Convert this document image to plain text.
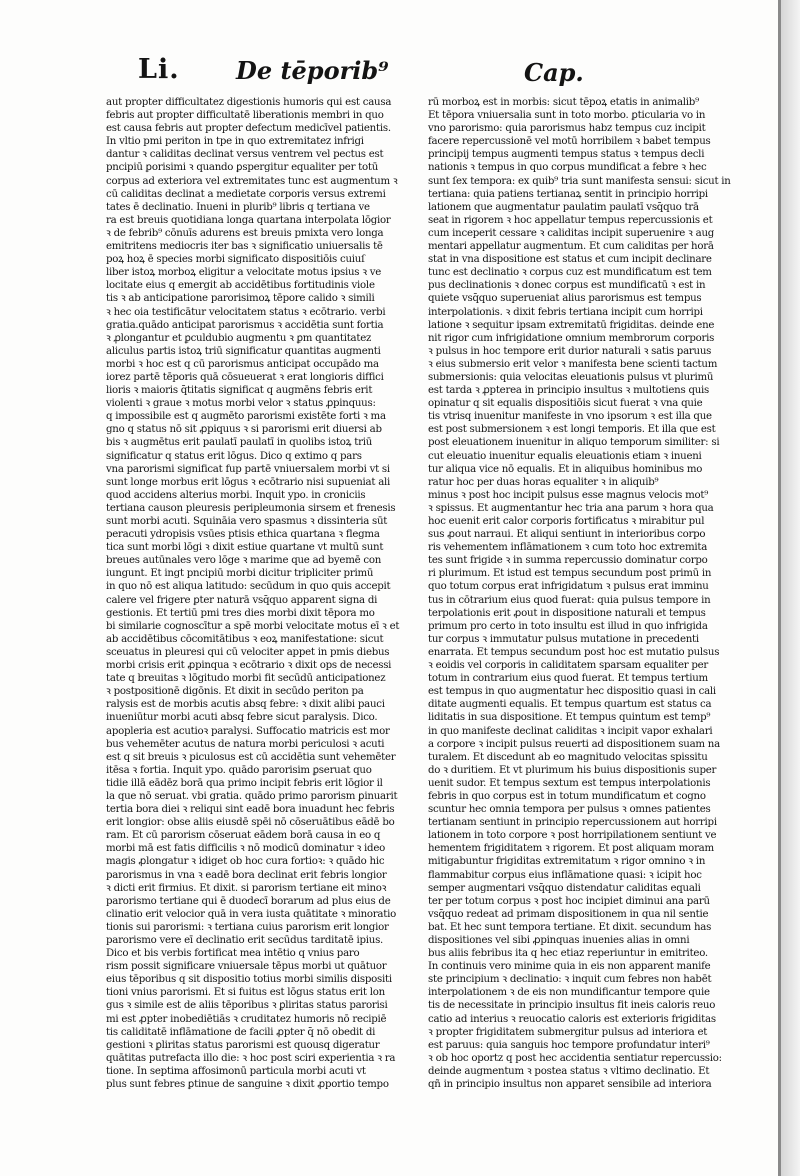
Li. De tēporib⁹	Cap.
aut propter difficultatez digestionis humoris qui est causa
febris aut propter difficultatē liberationis membri in quo
est causa febris aut propter defectum medicīvel patientis.
In vltio pmi periton in tpe in quo extremitatez infrigi
dantur ꝛ caliditas declinat versus ventrem vel pectus est
pncipiū ꝑorisimi ꝛ quando ꝑspergitur equaliter per totū
corpus ad exteriora vel extremitates tunc est augmentum ꝛ
cū caliditas declinat a medietate corporis versus extremi
tates ē declinatio. Inueni in plurib⁹ libris q tertiana ve
ra est breuis quotidiana longa quartana interpolata lōgior
ꝛ de febrib⁹ cōnuīs adurens est breuis pmixta vero longa
emitritens mediocris iter bas ꝛ significatio uniuersalis tē
poꝝ hoꝝ ē species morbi significato dispositiōis cuiuſ
liber istoꝝ morboꝝ eligitur a velocitate motus ipsius ꝛ ve
locitate eius q emergit ab accidētibus fortitudinis viole
tis ꝛ ab anticipatione parorisimoꝝ tēpore calido ꝛ simili
ꝛ hec oia testificātur velocitatem status ꝛ ecōtrario. verbi
gratia.quādo anticipat parorismus ꝛ accidētia sunt fortia
ꝛ ꝓlongantur et ꝑculdubio augmentu ꝛ ꝑm quantitatez
aliculus partis istoꝝ triū significatur quantitas augmenti
morbi ꝛ hoc est q cū parorismus anticipat occupādo ma
iorez partē tēporis quā cōsueuerat ꝛ erat longioris diffici
lioris ꝛ maioris q̄titatis significat q augmēns febris erit
violenti ꝛ graue ꝛ motus morbi velor ꝛ status ꝓpinquus:
q impossibile est q augmēto parorismi existēte forti ꝛ ma
gno q status nō sit ꝓpiquus ꝛ si parorismi erit diuersi ab
bis ꝛ augmētus erit paulatī paulatī in quolibs istoꝝ triū
significatur q status erit lōgus. Dico q extimo q pars
vna parorismi significat fup partē vniuersalem morbi vt si
sunt longe morbus erit lōgus ꝛ ecōtrario nisi supueniat ali
quod accidens alterius morbi. Inquit ypo. in croniciis
tertiana causon pleuresis peripleumonia sirsem et frenesis
sunt morbi acuti. Squināia vero spasmus ꝛ dissinteria sūt
peracuti ydropisis vsūes ptisis ethica quartana ꝛ flegma
tica sunt morbi lōgi ꝛ dixit estiue quartane vt multū sunt
breues autūnales vero lōge ꝛ marime que ad byemē con
iungunt. Et ingt pncipiū morbi dicitur tripliciter primū
in quo nō est aliqua latitudo: secūdum in quo quis accepit
calere vel frigere ꝑter naturā vsq̄quo apparent signa di
gestionis. Et tertiū pmi tres dies morbi dixit tēpora mo
bi similarie cognoscītur a spē morbi velocitate motus eī ꝛ et
ab accidētibus cōcomitātibus ꝛ eoꝝ manifestatione: sicut
sceuatus in pleuresi qui cū velociter appet in pmis diebus
morbi crisis erit ꝓpinqua ꝛ ecōtrario ꝛ dixit ops de necessi
tate q breuitas ꝛ lōgitudo morbi fit secūdū anticipationez
ꝛ postpositionē digōnis. Et dixit in secūdo periton pa
ralysis est de morbis acutis absq febre: ꝛ dixit alibi pauci
inueniūtur morbi acuti absq febre sicut paralysis. Dico.
apopleria est acutioꝛ paralysi. Suffocatio matricis est mor
bus vehemēter acutus de natura morbi periculosi ꝛ acuti
est q sit breuis ꝛ piculosus est cū accidētia sunt vehemēter
itēsa ꝛ fortia. Inquit ypo. quādo parorisim ꝑseruat quo
tidie illā eādēz borā qua primo incipit febris erit lōgior il
la que nō seruat. vbi gratia. quādo primo parorism ꝑinuarit
tertia bora diei ꝛ reliqui sint eadē bora inuadunt hec febris
erit longior: obse aliis eiusdē spēi nō cōseruātibus eādē bo
ram. Et cū parorism cōseruat eādem borā causa in eo q
morbi mā est fatis difficilis ꝛ nō modicū dominatur ꝛ ideo
magis ꝓlongatur ꝛ idiget ob hoc cura fortioꝛ: ꝛ quādo hic
parorismus in vna ꝛ eadē bora declinat erit febris longior
ꝛ dicti erit firmius. Et dixit. si parorism tertiane eit minoꝛ
parorismo tertiane qui ē duodecī borarum ad plus eius de
clinatio erit velocior quā in vera iusta quātitate ꝛ minoratio
tionis sui parorismi: ꝛ tertiana cuius parorism erit longior
parorismo vere eī declinatio erit secūdus tarditatē ipius.
Dico et bis verbis fortificat mea intētio q vnius paro
rism possit significare vniuersale tēpus morbi ut quātuor
eius tēporibus q sit dispositio totius morbi similis dispositi
tioni vnius parorismi. Et si fuitus est lōgus status erit lon
gus ꝛ simile est de aliis tēporibus ꝛ ꝑliritas status parorisi
mi est ꝓpter inobediētiās ꝛ cruditatez humoris nō recipiē
tis caliditatē inflāmatione de facili ꝓpter q̄ nō obedit di
gestioni ꝛ ꝑliritas status parorismi est quousq digeratur
quātitas putrefacta illo die: ꝛ hoc post sciri experientia ꝛ ra
tione. In septima affosimonū particula morbi acuti vt
plus sunt febres ꝑtinue de sanguine ꝛ dixit ꝓportio tempo
rū morboꝝ est in morbis: sicut tēpoꝝ etatis in animalib⁹
Et tēpora vniuersalia sunt in toto morbo. ꝑticularia vo in
vno parorismo: quia parorismus habz tempus cuz incipit
facere repercussionē vel motū horribilem ꝛ babet tempus
principij tempus augmenti tempus status ꝛ tempus decli
nationis ꝛ tempus in quo corpus mundificat a febre ꝛ hec
sunt ſex tempora: ex quib⁹ tria sunt manifesta sensui: sicut in
tertiana: quia patiens tertianaꝝ sentit in principio horripi
lationem que augmentatur paulatim paulatī vsq̄quo trā
seat in rigorem ꝛ hoc appellatur tempus repercussionis et
cum inceperit cessare ꝛ caliditas incipit superuenire ꝛ aug
mentari appellatur augmentum. Et cum caliditas per horā
stat in vna dispositione est status et cum incipit declinare
tunc est declinatio ꝛ corpus cuz est mundificatum est tem
pus declinationis ꝛ donec corpus est mundificatū ꝛ est in
quiete vsq̄quo superueniat alius parorismus est tempus
interpolationis. ꝛ dixit febris tertiana incipit cum horripi
latione ꝛ sequitur ipsam extremitatū frigiditas. deinde ene
nit rigor cum infrigidatione omnium membrorum corporis
ꝛ pulsus in hoc tempore erit durior naturali ꝛ satis paruus
ꝛ eius submersio erit velor ꝛ manifesta bene scienti tactum
submersionis: quia velocitas eleuationis pulsus vt plurimū
est tarda ꝛ ꝓpterea in principio insultus ꝛ multotiens quis
opinatur q sit equalis dispositiōis sicut fuerat ꝛ vna quie
tis vtrisq inuenitur manifeste in vno ipsorum ꝛ est illa que
est post submersionem ꝛ est longi temporis. Et illa que est
post eleuationem inuenitur in aliquo temporum similiter: si
cut eleuatio inuenitur equalis eleuationis etiam ꝛ inueni
tur aliqua vice nō equalis. Et in aliquibus hominibus mo
ratur hoc per duas horas equaliter ꝛ in aliquib⁹
minus ꝛ post hoc incipit pulsus esse magnus velocis mot⁹
ꝛ spissus. Et augmentantur hec tria ana parum ꝛ hora qua
hoc euenit erit calor corporis fortificatus ꝛ mirabitur pul
sus ꝓout narraui. Et aliqui sentiunt in interioribus corpo
ris vehementem inflāmationem ꝛ cum toto hoc extremita
tes sunt frigide ꝛ in summa repercussio dominatur corpo
ri plurimum. Et istud est tempus secundum post primū in
quo totum corpus erat infrigidatum ꝛ pulsus erat imminu
tus in cōtrarium eius quod fuerat: quia pulsus tempore in
terpolationis erit ꝓout in dispositione naturali et tempus
primum pro certo in toto insultu est illud in quo infrigida
tur corpus ꝛ immutatur pulsus mutatione in precedenti
enarrata. Et tempus secundum post hoc est mutatio pulsus
ꝛ eoidis vel corporis in caliditatem sparsam equaliter per
totum in contrarium eius quod fuerat. Et tempus tertium
est tempus in quo augmentatur hec dispositio quasi in cali
ditate augmenti equalis. Et tempus quartum est status ca
liditatis in sua dispositione. Et tempus quintum est temp⁹
in quo manifeste declinat caliditas ꝛ incipit vapor exhalari
a corpore ꝛ incipit pulsus reuerti ad dispositionem suam na
turalem. Et discedunt ab eo magnitudo velocitas spissitu
do ꝛ duritiem. Et vt plurimum his buius dispositionis super
uenit sudor. Et tempus sextum est tempus interpolationis
febris in quo corpus est in totum mundificatum et cogno
scuntur hec omnia tempora per pulsus ꝛ omnes patientes
tertianam sentiunt in principio repercussionem aut horripi
lationem in toto corpore ꝛ post horripilationem sentiunt ve
hementem frigiditatem ꝛ rigorem. Et post aliquam moram
mitigabuntur frigiditas extremitatum ꝛ rigor omnino ꝛ in
flammabitur corpus eius inflāmatione quasi: ꝛ icipit hoc
semper augmentari vsq̄quo distendatur caliditas equali
ter per totum corpus ꝛ post hoc incipiet diminui ana parū
vsq̄quo redeat ad primam dispositionem in qua nil sentie
bat. Et hec sunt tempora tertiane. Et dixit. secundum has
dispositiones vel sibi ꝓpinquas inuenies alias in omni
bus aliis febribus ita q hec etiaz reperiuntur in emitriteo.
In continuis vero minime quia in eis non apparent manife
ste principium ꝛ declinatio: ꝛ inquit cum febres non habēt
interpolationem ꝛ de eis non mundificantur tempore quie
tis de necessitate in principio insultus fit ineis caloris reuo
catio ad interius ꝛ reuocatio caloris est exterioris frigiditas
ꝛ propter frigiditatem submergitur pulsus ad interiora et
est paruus: quia sanguis hoc tempore profundatur interi⁹
ꝛ ob hoc oportz q post hec accidentia sentiatur repercussio:
deinde augmentum ꝛ postea status ꝛ vltimo declinatio. Et
qñ in principio insultus non apparet sensibile ad interiora
